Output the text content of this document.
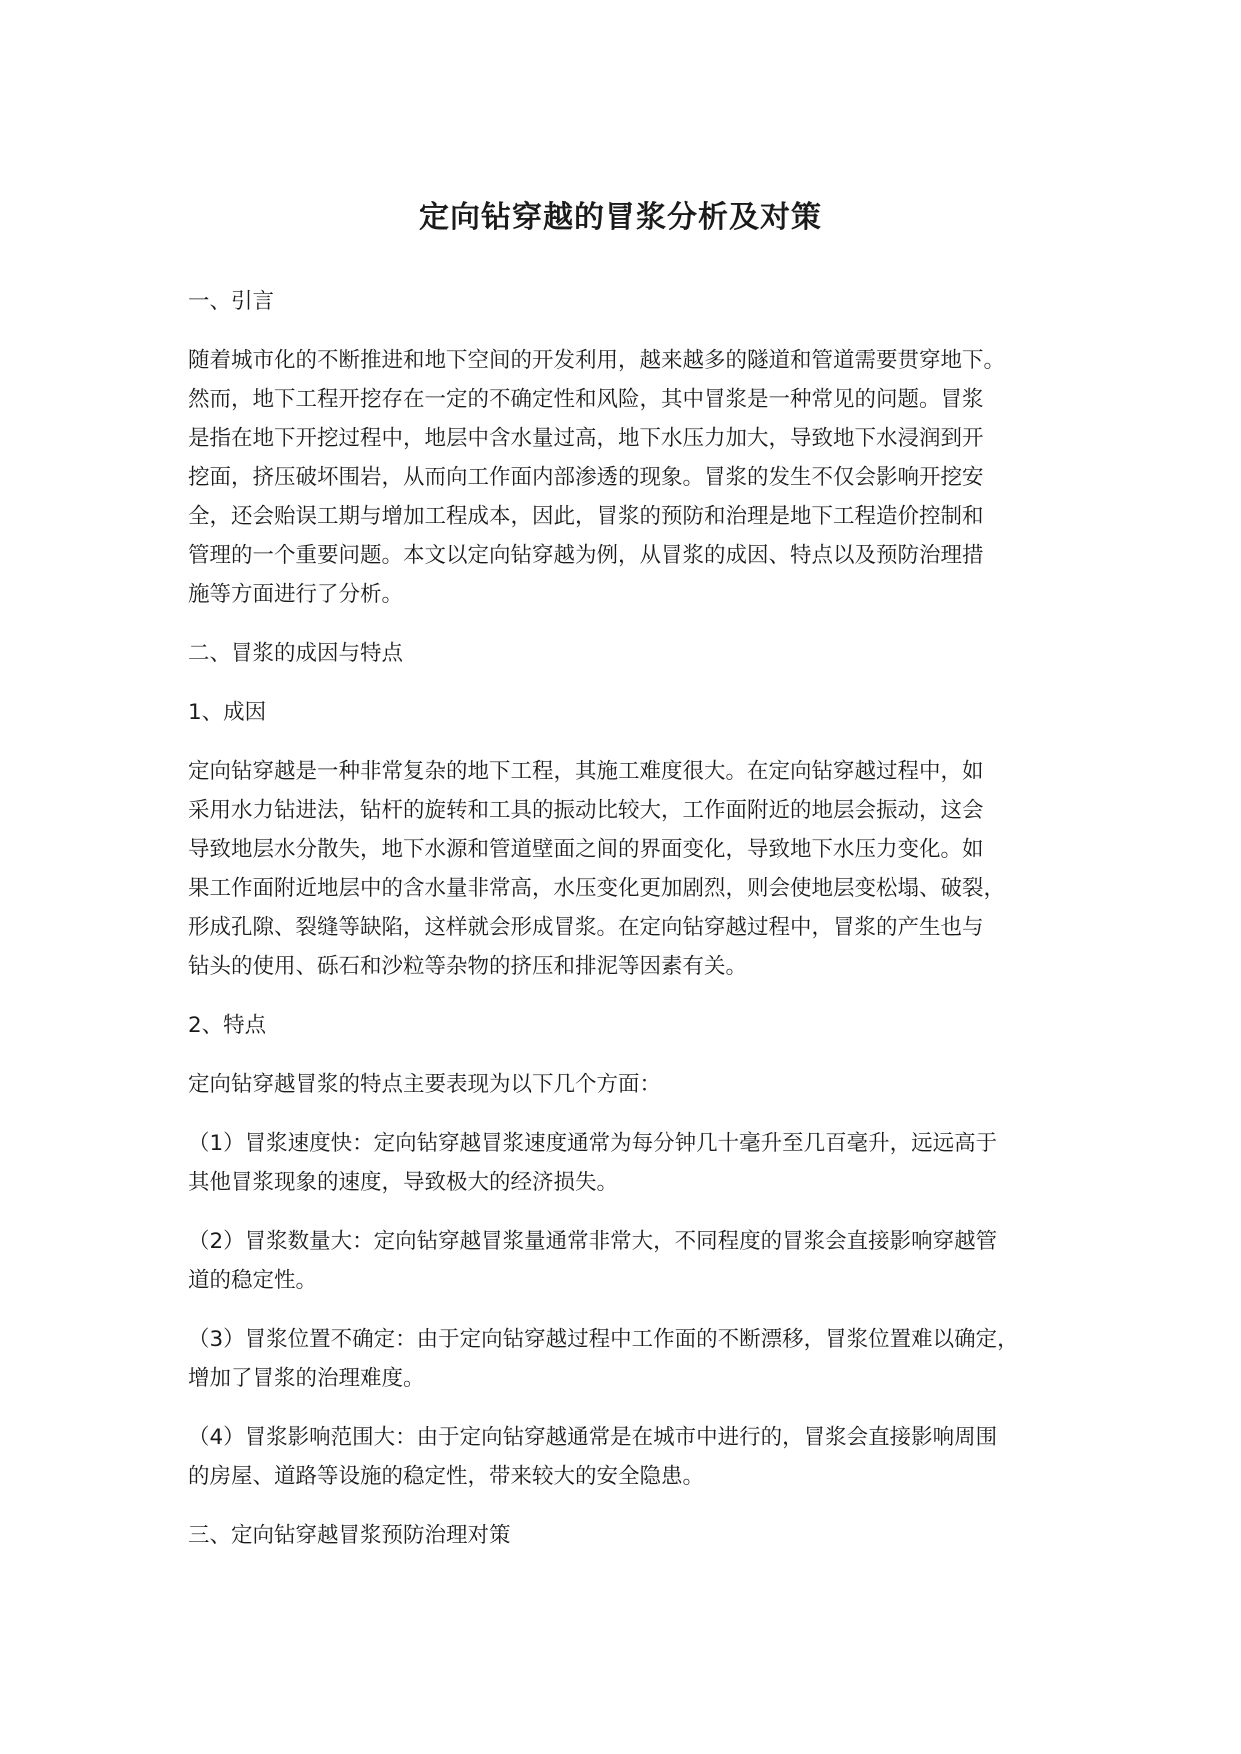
定向钻穿越的冒浆分析及对策

一、引言

随着城市化的不断推进和地下空间的开发利用，越来越多的隧道和管道需要贯穿地下。
然而，地下工程开挖存在一定的不确定性和风险，其中冒浆是一种常见的问题。冒浆
是指在地下开挖过程中，地层中含水量过高，地下水压力加大，导致地下水浸润到开
挖面，挤压破坏围岩，从而向工作面内部渗透的现象。冒浆的发生不仅会影响开挖安
全，还会贻误工期与增加工程成本，因此，冒浆的预防和治理是地下工程造价控制和
管理的一个重要问题。本文以定向钻穿越为例，从冒浆的成因、特点以及预防治理措
施等方面进行了分析。

二、冒浆的成因与特点

1、成因

定向钻穿越是一种非常复杂的地下工程，其施工难度很大。在定向钻穿越过程中，如
采用水力钻进法，钻杆的旋转和工具的振动比较大，工作面附近的地层会振动，这会
导致地层水分散失，地下水源和管道壁面之间的界面变化，导致地下水压力变化。如
果工作面附近地层中的含水量非常高，水压变化更加剧烈，则会使地层变松塌、破裂，
形成孔隙、裂缝等缺陷，这样就会形成冒浆。在定向钻穿越过程中，冒浆的产生也与
钻头的使用、砾石和沙粒等杂物的挤压和排泥等因素有关。

2、特点

定向钻穿越冒浆的特点主要表现为以下几个方面：

（1）冒浆速度快：定向钻穿越冒浆速度通常为每分钟几十毫升至几百毫升，远远高于
其他冒浆现象的速度，导致极大的经济损失。

（2）冒浆数量大：定向钻穿越冒浆量通常非常大，不同程度的冒浆会直接影响穿越管
道的稳定性。

（3）冒浆位置不确定：由于定向钻穿越过程中工作面的不断漂移，冒浆位置难以确定，
增加了冒浆的治理难度。

（4）冒浆影响范围大：由于定向钻穿越通常是在城市中进行的，冒浆会直接影响周围
的房屋、道路等设施的稳定性，带来较大的安全隐患。

三、定向钻穿越冒浆预防治理对策
